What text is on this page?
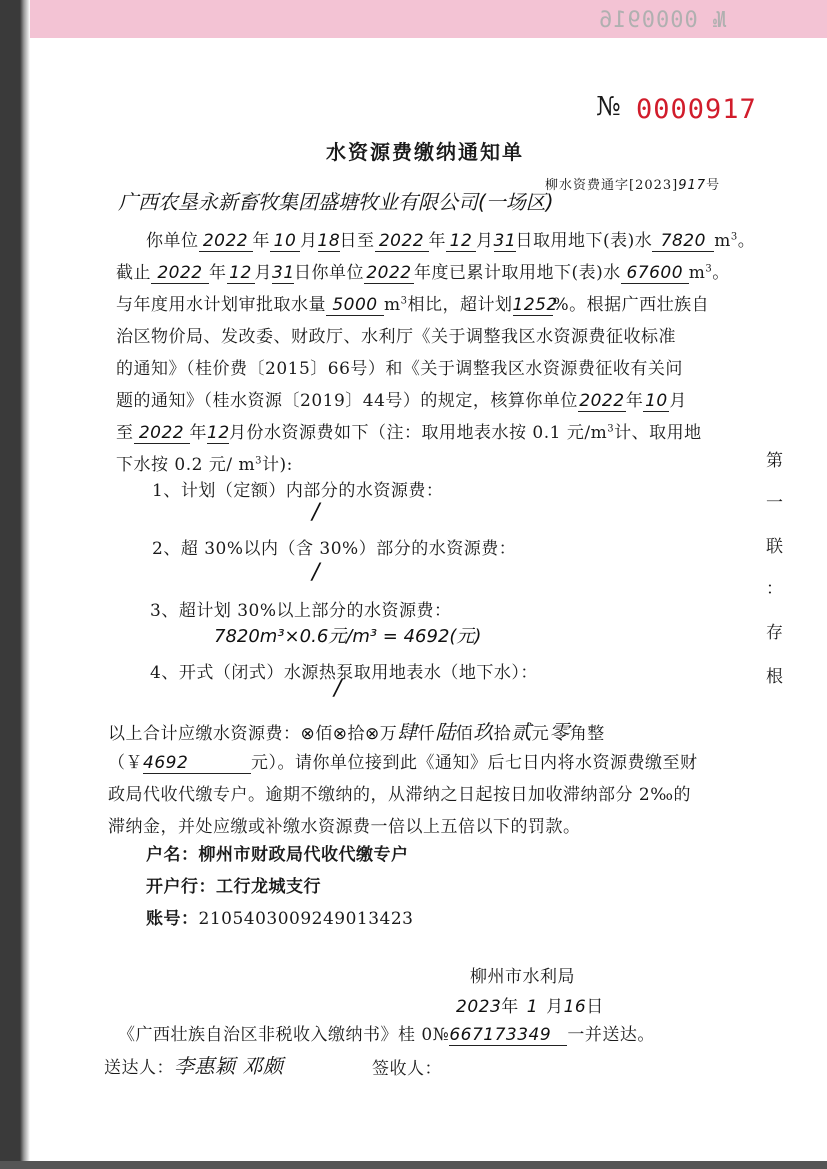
№ 0000916
№ 0000917
水资源费缴纳通知单
柳水资费通字[2023]917号
广西农垦永新畜牧集团盛塘牧业有限公司(一场区)
你单位 2022 年 10 月18日至 2022 年 12 月31日取用地下(表)水 7820 $m^3$。
截止 2022 年 12 月31日你单位 2022 年度已累计取用地下(表)水 67600 $m^3$。
与年度用水计划审批取水量 5000 $m^3$相比，超计划1252%。根据广西壮族自
治区物价局、发改委、财政厅、水利厅《关于调整我区水资源费征收标准
的通知》（桂价费〔2015〕66号）和《关于调整我区水资源费征收有关问
题的通知》（桂水资源〔2019〕44号）的规定，核算你单位2022年10月
至 2022 年12月份水资源费如下（注：取用地表水按 0.1 元$/m^3$计、取用地
下水按 0.2 元/ $m^3$计):
1、计划（定额）内部分的水资源费：
/
2、超 30%以内（含 30%）部分的水资源费：
/
3、超计划 30%以上部分的水资源费：
7820m³×0.6元/m³ = 4692(元)
4、开式（闭式）水源热泵取用地表水（地下水）：
/
以上合计应缴水资源费：⊗佰⊗拾⊗万肆仟陆佰玖拾贰元零角整
（￥4692	元）。请你单位接到此《通知》后七日内将水资源费缴至财
政局代收代缴专户。逾期不缴纳的，从滞纳之日起按日加收滞纳部分 2‰的
滞纳金，并处应缴或补缴水资源费一倍以上五倍以下的罚款。
户名：柳州市财政局代收代缴专户
开户行：工行龙城支行
账号：2105403009249013423
柳州市水利局
2023年 1 月16日
《广西壮族自治区非税收入缴纳书》桂 0№667173349 一并送达。
送达人：李惠颖 邓颇	签收人：
第
一
联
：
存
根
